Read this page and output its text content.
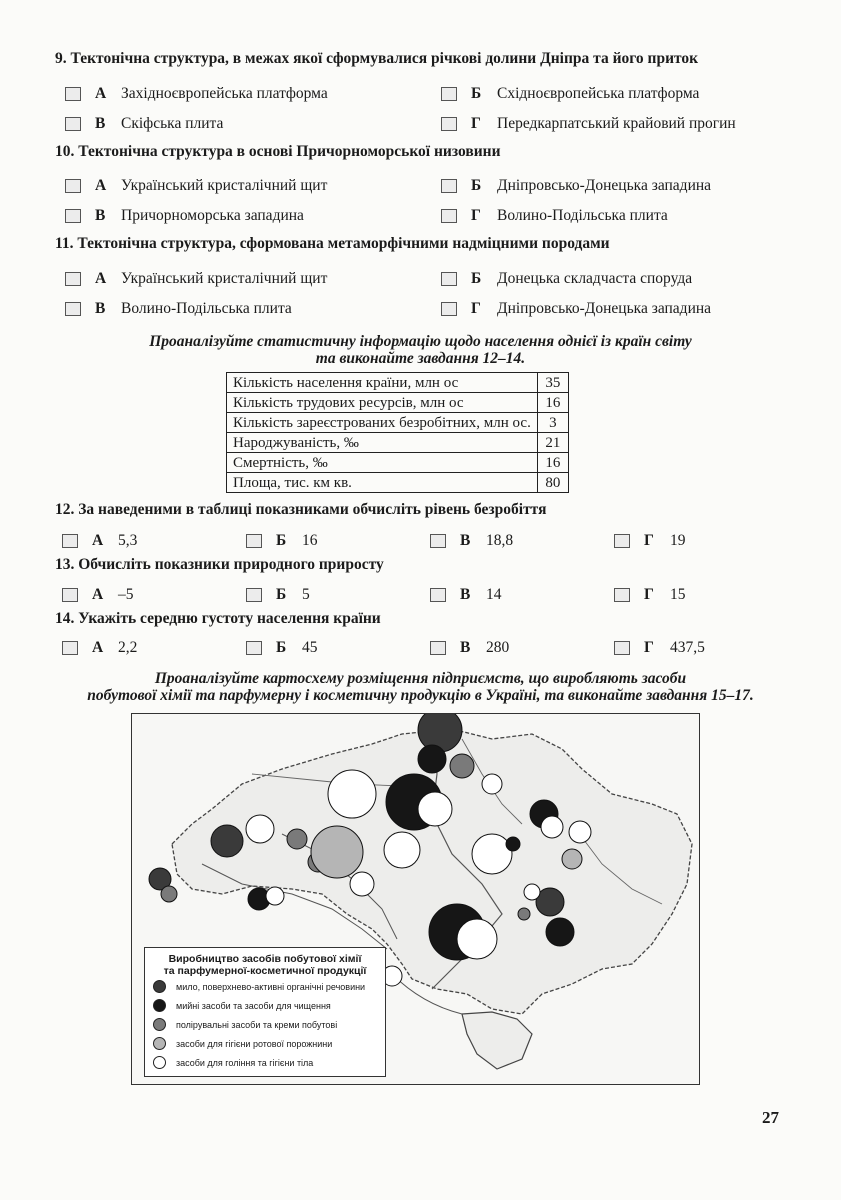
9. Тектонічна структура, в межах якої сформувалися річкові долини Дніпра та його приток
А Західноєвропейська платформа	Б	Східноєвропейська платформа
В	Скіфська плита	Г	Передкарпатський крайовий прогин
10. Тектонічна структура в основі Причорноморської низовини
А Український кристалічний щит	Б	Дніпровсько-Донецька западина
В	Причорноморська западина	Г	Волино-Подільська плита
11. Тектонічна структура, сформована метаморфічними надміцними породами
А Український кристалічний щит	Б	Донецька складчаста споруда
В	Волино-Подільська плита	Г	Дніпровсько-Донецька западина
Проаналізуйте статистичну інформацію щодо населення однієї із країн світу
та виконайте завдання 12–14.
Кількість населення країни, млн ос	35
Кількість трудових ресурсів, млн ос	16
Кількість зареєстрованих безробітних, млн ос.	3
Народжуваність, ‰	21
Смертність, ‰	16
Площа, тис. км кв.	80
12. За наведеними в таблиці показниками обчисліть рівень безробіття
А 5,3	Б	16	В	18,8	Г	19
13. Обчисліть показники природного приросту
А –5	Б	5	В	14	Г	15
14. Укажіть середню густоту населення країни
А 2,2	Б	45	В	280	Г	437,5
Проаналізуйте картосхему розміщення підприємств, що виробляють засоби
побутової хімії та парфумерну і косметичну продукцію в Україні, та виконайте завдання 15–17.
Виробництво засобів побутової хімії
та парфумерної-косметичної продукції
мило, поверхнево-активні органічні речовини
мийні засоби та засоби для чищення
полірувальні засоби та креми побутові
засоби для гігієни ротової порожнини
засоби для гоління та гігієни тіла
27
